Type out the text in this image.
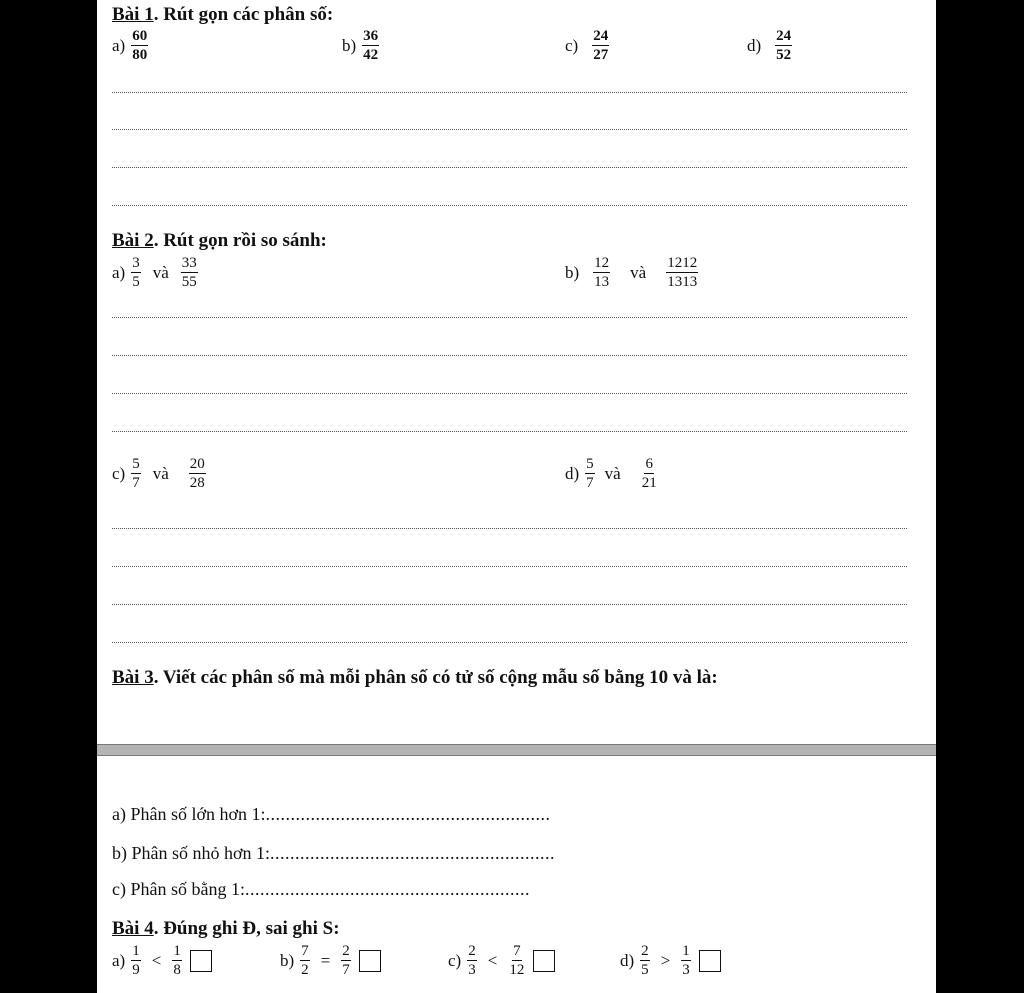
Bài 1. Rút gọn các phân số:
$a) \frac{60}{80}$	$b) \frac{36}{42}$	$c) \frac{24}{27}$	$d) \frac{24}{52}$
Bài 2. Rút gọn rồi so sánh:
$a) \frac{3}{5}$ và $\frac{33}{55}$	$b) \frac{12}{13}$ và $\frac{1212}{1313}$
$c) \frac{5}{7}$ và $\frac{20}{28}$	$d) \frac{5}{7}$ và $\frac{6}{21}$
Bài 3. Viết các phân số mà mỗi phân số có tử số cộng mẫu số bằng 10 và là:
a) Phân số lớn hơn 1:.........................................................
b) Phân số nhỏ hơn 1:.........................................................
c) Phân số bằng 1:.........................................................
Bài 4. Đúng ghi Đ, sai ghi S:
$a) \frac{1}{9} < \frac{1}{8}$	$b) \frac{7}{2} = \frac{2}{7}$	$c) \frac{2}{3} < \frac{7}{12}$	$d) \frac{2}{5} > \frac{1}{3}$
